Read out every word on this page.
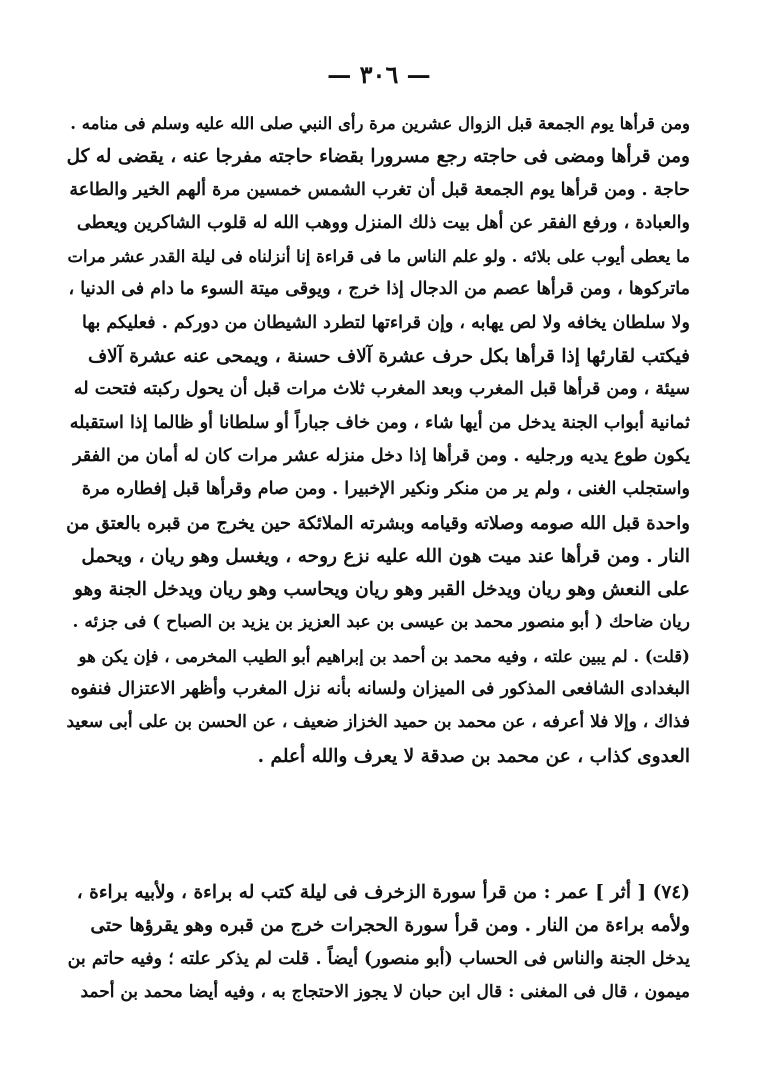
— ٣٠٦ —
ومن قرأها يوم الجمعة قبل الزوال عشرين مرة رأى النبي صلى الله عليه وسلم فى منامه .
ومن قرأها ومضى فى حاجته رجع مسرورا بقضاء حاجته مفرجا عنه ، يقضى له كل
حاجة . ومن قرأها يوم الجمعة قبل أن تغرب الشمس خمسين مرة ألهم الخير والطاعة
والعبادة ، ورفع الفقر عن أهل بيت ذلك المنزل ووهب الله له قلوب الشاكرين ويعطى
ما يعطى أيوب على بلائه . ولو علم الناس ما فى قراءة إنا أنزلناه فى ليلة القدر عشر مرات
ماتركوها ، ومن قرأها عصم من الدجال إذا خرج ، ويوقى ميتة السوء ما دام فى الدنيا ،
ولا سلطان يخافه ولا لص يهابه ، وإن قراءتها لتطرد الشيطان من دوركم . فعليكم بها
فيكتب لقارئها إذا قرأها بكل حرف عشرة آلاف حسنة ، ويمحى عنه عشرة آلاف
سيئة ، ومن قرأها قبل المغرب وبعد المغرب ثلاث مرات قبل أن يحول ركبته فتحت له
ثمانية أبواب الجنة يدخل من أيها شاء ، ومن خاف جباراً أو سلطانا أو ظالما إذا استقبله
يكون طوع يديه ورجليه . ومن قرأها إذا دخل منزله عشر مرات كان له أمان من الفقر
واستجلب الغنى ، ولم ير من منكر ونكير الإخبيرا . ومن صام وقرأها قبل إفطاره مرة
واحدة قبل الله صومه وصلاته وقيامه وبشرته الملائكة حين يخرج من قبره بالعتق من
النار . ومن قرأها عند ميت هون الله عليه نزع روحه ، ويغسل وهو ريان ، ويحمل
على النعش وهو ريان ويدخل القبر وهو ريان ويحاسب وهو ريان ويدخل الجنة وهو
ريان ضاحك ( أبو منصور محمد بن عيسى بن عبد العزيز بن يزيد بن الصباح ) فى جزئه .
(قلت) . لم يبين علته ، وفيه محمد بن أحمد بن إبراهيم أبو الطيب المخرمى ، فإن يكن هو
البغدادى الشافعى المذكور فى الميزان ولسانه بأنه نزل المغرب وأظهر الاعتزال فنفوه
فذاك ، وإلا فلا أعرفه ، عن محمد بن حميد الخزاز ضعيف ، عن الحسن بن على أبى سعيد
العدوى كذاب ، عن محمد بن صدقة لا يعرف والله أعلم .
(٧٤) [ أثر ] عمر : من قرأ سورة الزخرف فى ليلة كتب له براءة ، ولأبيه براءة ،
ولأمه براءة من النار . ومن قرأ سورة الحجرات خرج من قبره وهو يقرؤها حتى
يدخل الجنة والناس فى الحساب (أبو منصور) أيضاً . قلت لم يذكر علته ؛ وفيه حاتم بن
ميمون ، قال فى المغنى : قال ابن حبان لا يجوز الاحتجاج به ، وفيه أيضا محمد بن أحمد
